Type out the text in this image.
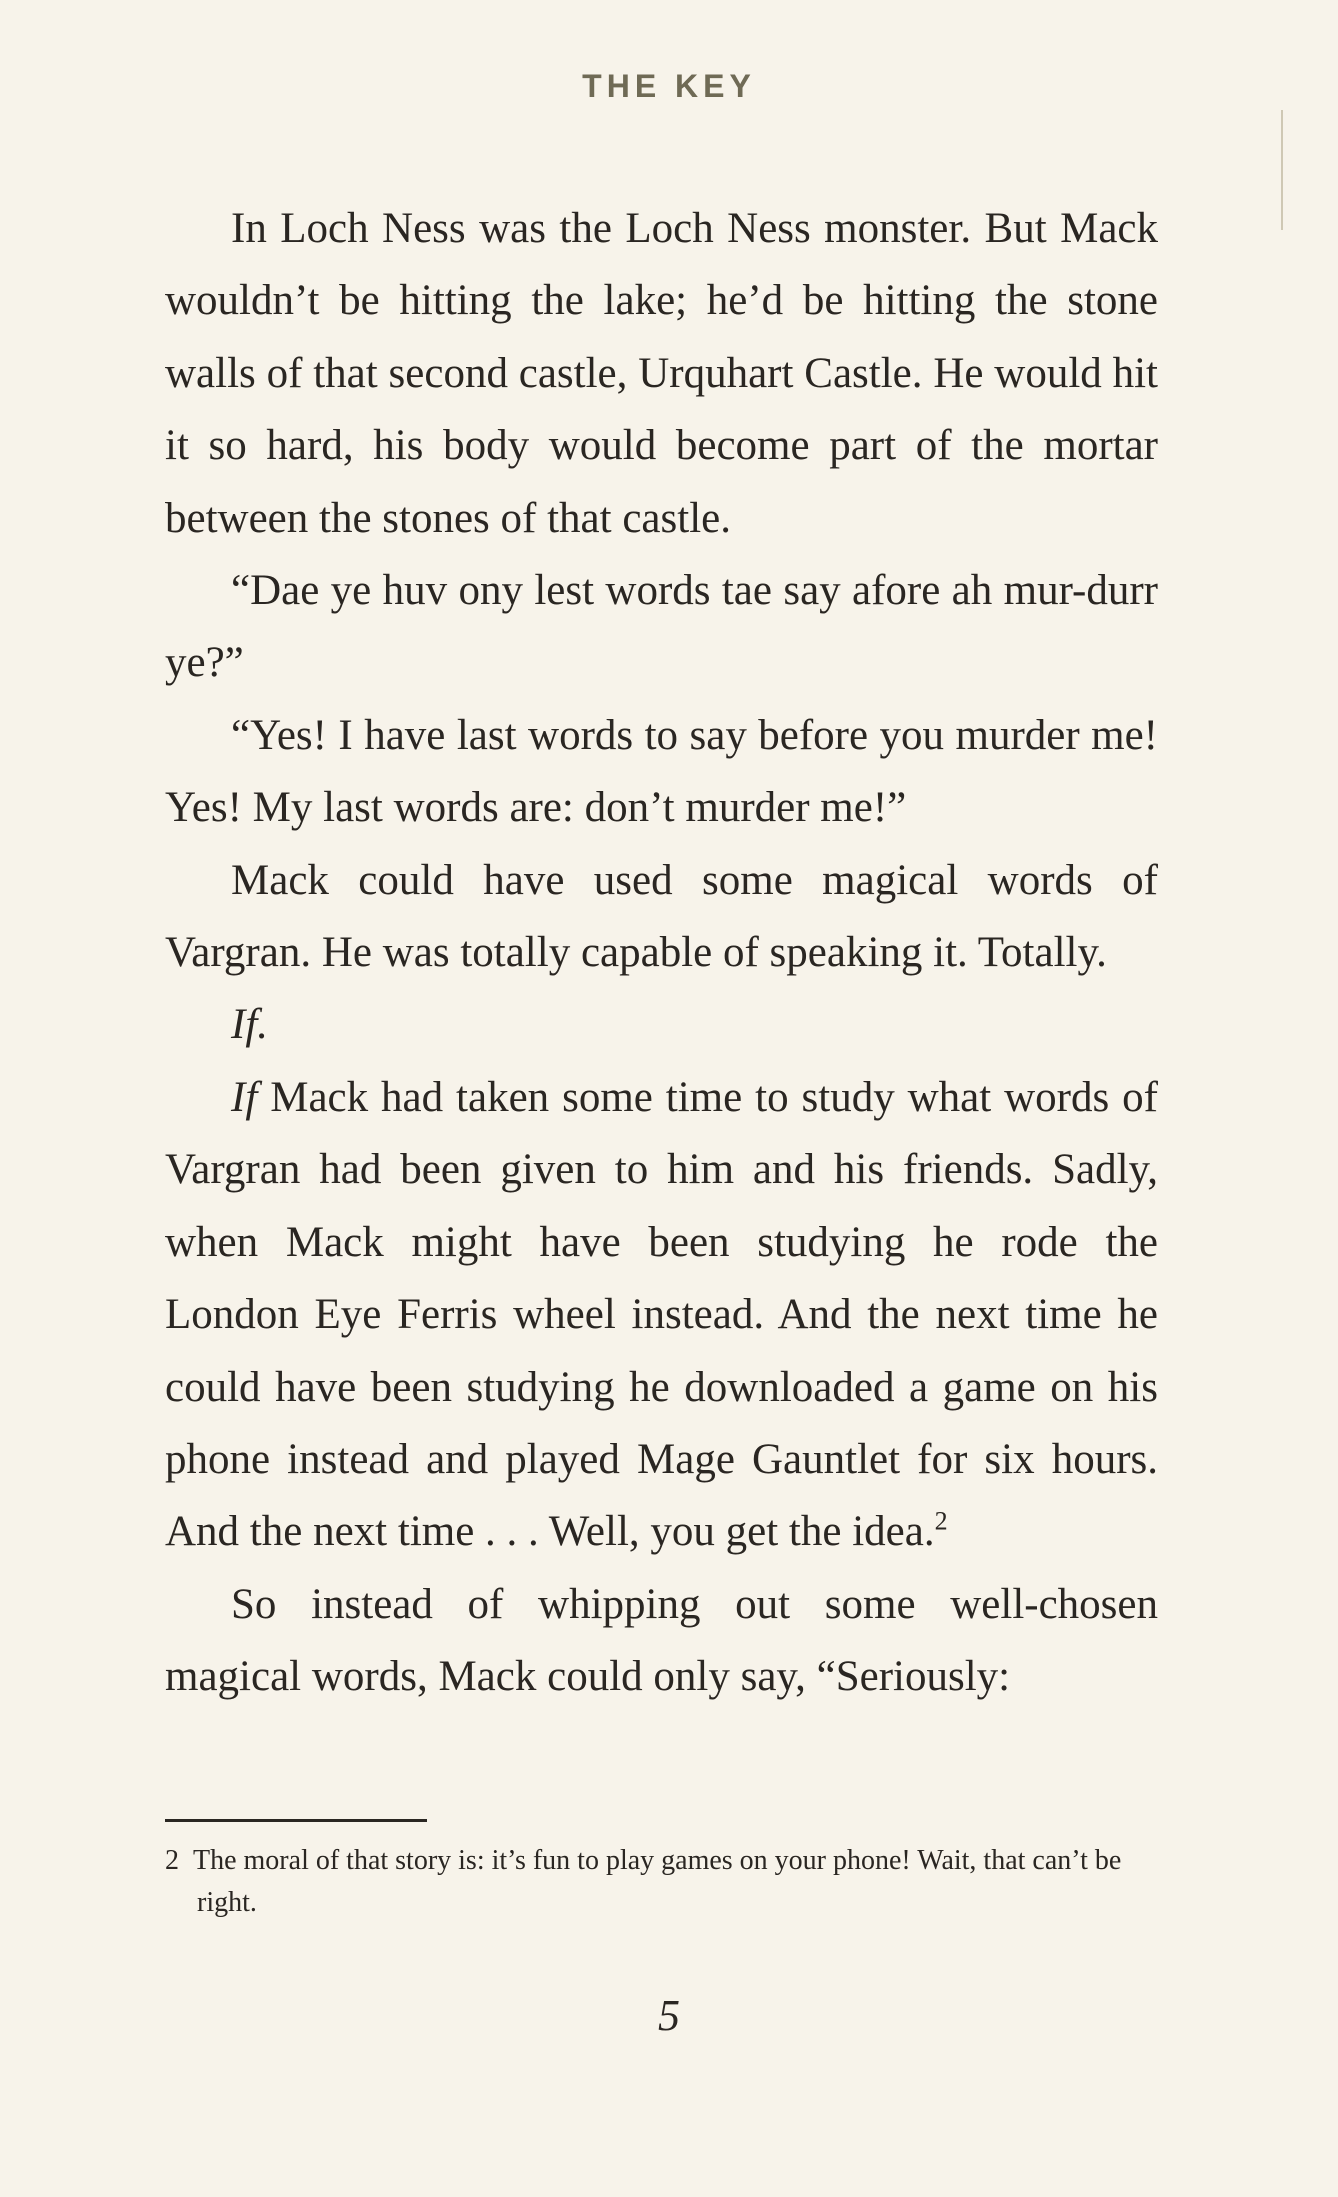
THE KEY

In Loch Ness was the Loch Ness monster. But Mack wouldn’t be hitting the lake; he’d be hitting the stone walls of that second castle, Urquhart Castle. He would hit it so hard, his body would become part of the mortar between the stones of that castle.

“Dae ye huv ony lest words tae say afore ah mur-durr ye?”

“Yes! I have last words to say before you murder me! Yes! My last words are: don’t murder me!”

Mack could have used some magical words of Vargran. He was totally capable of speaking it. Totally.

If.

If Mack had taken some time to study what words of Vargran had been given to him and his friends. Sadly, when Mack might have been studying he rode the London Eye Ferris wheel instead. And the next time he could have been studying he downloaded a game on his phone instead and played Mage Gauntlet for six hours. And the next time . . . Well, you get the idea.$^2$

So instead of whipping out some well-chosen magical words, Mack could only say, “Seriously:

2 The moral of that story is: it’s fun to play games on your phone! Wait, that can’t be right.
5
